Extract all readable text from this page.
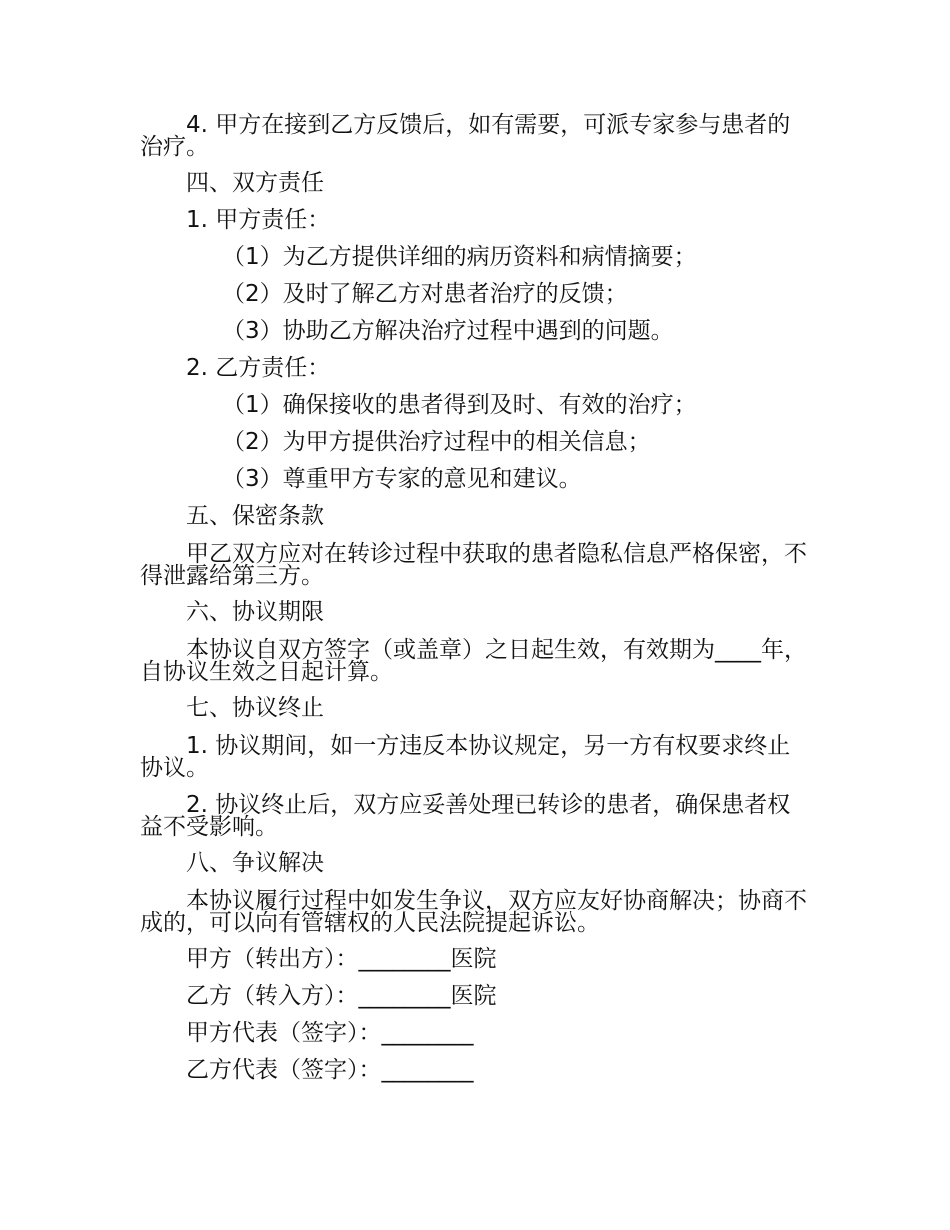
4. 甲方在接到乙方反馈后，如有需要，可派专家参与患者的治疗。

四、双方责任

1. 甲方责任：

（1）为乙方提供详细的病历资料和病情摘要；

（2）及时了解乙方对患者治疗的反馈；

（3）协助乙方解决治疗过程中遇到的问题。

2. 乙方责任：

（1）确保接收的患者得到及时、有效的治疗；

（2）为甲方提供治疗过程中的相关信息；

（3）尊重甲方专家的意见和建议。

五、保密条款

甲乙双方应对在转诊过程中获取的患者隐私信息严格保密，不得泄露给第三方。

六、协议期限

本协议自双方签字（或盖章）之日起生效，有效期为____年，自协议生效之日起计算。

七、协议终止

1. 协议期间，如一方违反本协议规定，另一方有权要求终止协议。

2. 协议终止后，双方应妥善处理已转诊的患者，确保患者权益不受影响。

八、争议解决

本协议履行过程中如发生争议，双方应友好协商解决；协商不成的，可以向有管辖权的人民法院提起诉讼。

甲方（转出方）：________医院

乙方（转入方）：________医院

甲方代表（签字）：________

乙方代表（签字）：________
